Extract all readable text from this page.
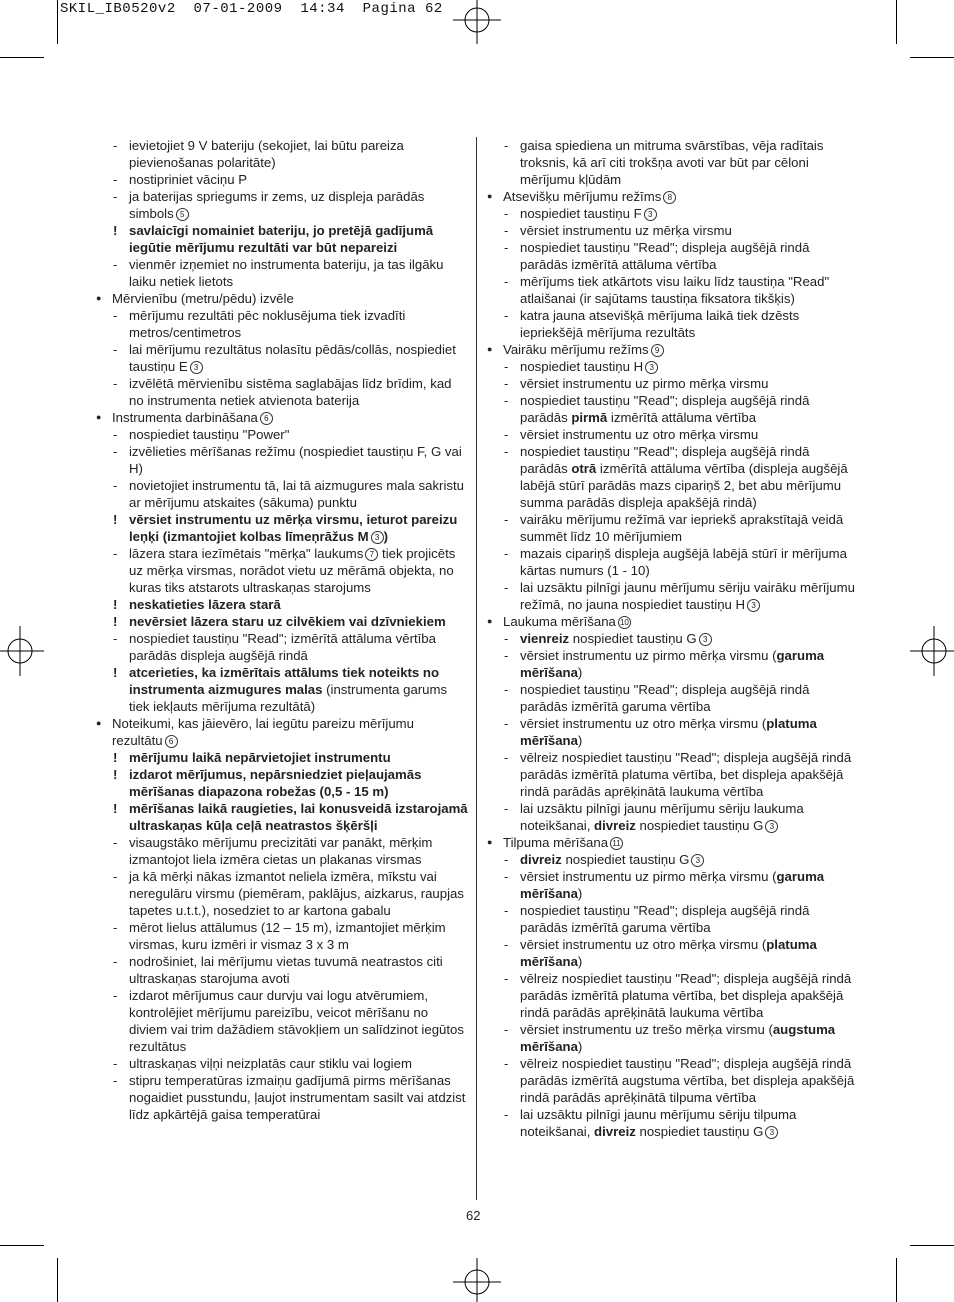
SKIL_IB0520v2  07-01-2009  14:34  Pagina 62
- ievietojiet 9 V bateriju (sekojiet, lai būtu pareiza pievienošanas polaritāte)
- nostipriniet vāciņu P
- ja baterijas spriegums ir zems, uz displeja parādās simbols 5
! savlaicīgi nomainiet bateriju, jo pretējā gadījumā iegūtie mērījumu rezultāti var būt nepareizi
- vienmēr izņemiet no instrumenta bateriju, ja tas ilgāku laiku netiek lietots
● Mērvienību (metru/pēdu) izvēle
- mērījumu rezultāti pēc noklusējuma tiek izvadīti metros/centimetros
- lai mērījumu rezultātus nolasītu pēdās/collās, nospiediet taustiņu E 3
- izvēlētā mērvienību sistēma saglabājas līdz brīdim, kad no instrumenta netiek atvienota baterija
● Instrumenta darbināšana 6
- nospiediet taustiņu "Power"
- izvēlieties mērīšanas režīmu (nospiediet taustiņu F, G vai H)
- novietojiet instrumentu tā, lai tā aizmugures mala sakristu ar mērījumu atskaites (sākuma) punktu
! vērsiet instrumentu uz mērķa virsmu, ieturot pareizu leņķi (izmantojiet kolbas līmeņrāžus M 3 )
- lāzera stara iezīmētais "mērķa" laukums 7 tiek projicēts uz mērķa virsmas, norādot vietu uz mērāmā objekta, no kuras tiks atstarots ultraskaņas starojums
! neskatieties lāzera starā
! nevērsiet lāzera staru uz cilvēkiem vai dzīvniekiem
- nospiediet taustiņu "Read"; izmērītā attāluma vērtība parādās displeja augšējā rindā
! atcerieties, ka izmērītais attālums tiek noteikts no instrumenta aizmugures malas (instrumenta garums tiek iekļauts mērījuma rezultātā)
● Noteikumi, kas jāievēro, lai iegūtu pareizu mērījumu rezultātu 6
! mērījumu laikā nepārvietojiet instrumentu
! izdarot mērījumus, nepārsniedziet pieļaujamās mērīšanas diapazona robežas (0,5 - 15 m)
! mērīšanas laikā raugieties, lai konusveidā izstarojamā ultraskaņas kūļa ceļā neatrastos šķēršļi
- visaugstāko mērījumu precizitāti var panākt, mērķim izmantojot liela izmēra cietas un plakanas virsmas
- ja kā mērķi nākas izmantot neliela izmēra, mīkstu vai neregulāru virsmu (piemēram, paklājus, aizkarus, raupjas tapetes u.t.t.), nosedziet to ar kartona gabalu
- mērot lielus attālumus (12 – 15 m), izmantojiet mērķim virsmas, kuru izmēri ir vismaz 3 x 3 m
- nodrošiniet, lai mērījumu vietas tuvumā neatrastos citi ultraskaņas starojuma avoti
- izdarot mērījumus caur durvju vai logu atvērumiem, kontrolējiet mērījumu pareizību, veicot mērīšanu no diviem vai trim dažādiem stāvokļiem un salīdzinot iegūtos rezultātus
- ultraskaņas viļņi neizplatās caur stiklu vai logiem
- stipru temperatūras izmaiņu gadījumā pirms mērīšanas nogaidiet pusstundu, ļaujot instrumentam sasilt vai atdzist līdz apkārtējā gaisa temperatūrai
- gaisa spiediena un mitruma svārstības, vēja radītais troksnis, kā arī citi trokšņa avoti var būt par cēloni mērījumu kļūdām
● Atsevišķu mērījumu režīms 8
- nospiediet taustiņu F 3
- vērsiet instrumentu uz mērķa virsmu
- nospiediet taustiņu "Read"; displeja augšējā rindā parādās izmērītā attāluma vērtība
- mērījums tiek atkārtots visu laiku līdz taustiņa "Read" atlaišanai (ir sajūtams taustiņa fiksatora tikšķis)
- katra jauna atsevišķā mērījuma laikā tiek dzēsts iepriekšējā mērījuma rezultāts
● Vairāku mērījumu režīms 9
- nospiediet taustiņu H 3
- vērsiet instrumentu uz pirmo mērķa virsmu
- nospiediet taustiņu "Read"; displeja augšējā rindā parādās pirmā izmērītā attāluma vērtība
- vērsiet instrumentu uz otro mērķa virsmu
- nospiediet taustiņu "Read"; displeja augšējā rindā parādās otrā izmērītā attāluma vērtība (displeja augšējā labējā stūrī parādās mazs cipariņš 2, bet abu mērījumu summa parādās displeja apakšējā rindā)
- vairāku mērījumu režīmā var iepriekš aprakstītajā veidā summēt līdz 10 mērījumiem
- mazais cipariņš displeja augšējā labējā stūrī ir mērījuma kārtas numurs (1 - 10)
- lai uzsāktu pilnīgi jaunu mērījumu sēriju vairāku mērījumu režīmā, no jauna nospiediet taustiņu H 3
● Laukuma mērīšana 10
- vienreiz nospiediet taustiņu G 3
- vērsiet instrumentu uz pirmo mērķa virsmu (garuma mērīšana)
- nospiediet taustiņu "Read"; displeja augšējā rindā parādās izmērītā garuma vērtība
- vērsiet instrumentu uz otro mērķa virsmu (platuma mērīšana)
- vēlreiz nospiediet taustiņu "Read"; displeja augšējā rindā parādās izmērītā platuma vērtība, bet displeja apakšējā rindā parādās aprēķinātā laukuma vērtība
- lai uzsāktu pilnīgi jaunu mērījumu sēriju laukuma noteikšanai, divreiz nospiediet taustiņu G 3
● Tilpuma mērīšana 11
- divreiz nospiediet taustiņu G 3
- vērsiet instrumentu uz pirmo mērķa virsmu (garuma mērīšana)
- nospiediet taustiņu "Read"; displeja augšējā rindā parādās izmērītā garuma vērtība
- vērsiet instrumentu uz otro mērķa virsmu (platuma mērīšana)
- vēlreiz nospiediet taustiņu "Read"; displeja augšējā rindā parādās izmērītā platuma vērtība, bet displeja apakšējā rindā parādās aprēķinātā laukuma vērtība
- vērsiet instrumentu uz trešo mērķa virsmu (augstuma mērīšana)
- vēlreiz nospiediet taustiņu "Read"; displeja augšējā rindā parādās izmērītā augstuma vērtība, bet displeja apakšējā rindā parādās aprēķinātā tilpuma vērtība
- lai uzsāktu pilnīgi jaunu mērījumu sēriju tilpuma noteikšanai, divreiz nospiediet taustiņu G 3
62
